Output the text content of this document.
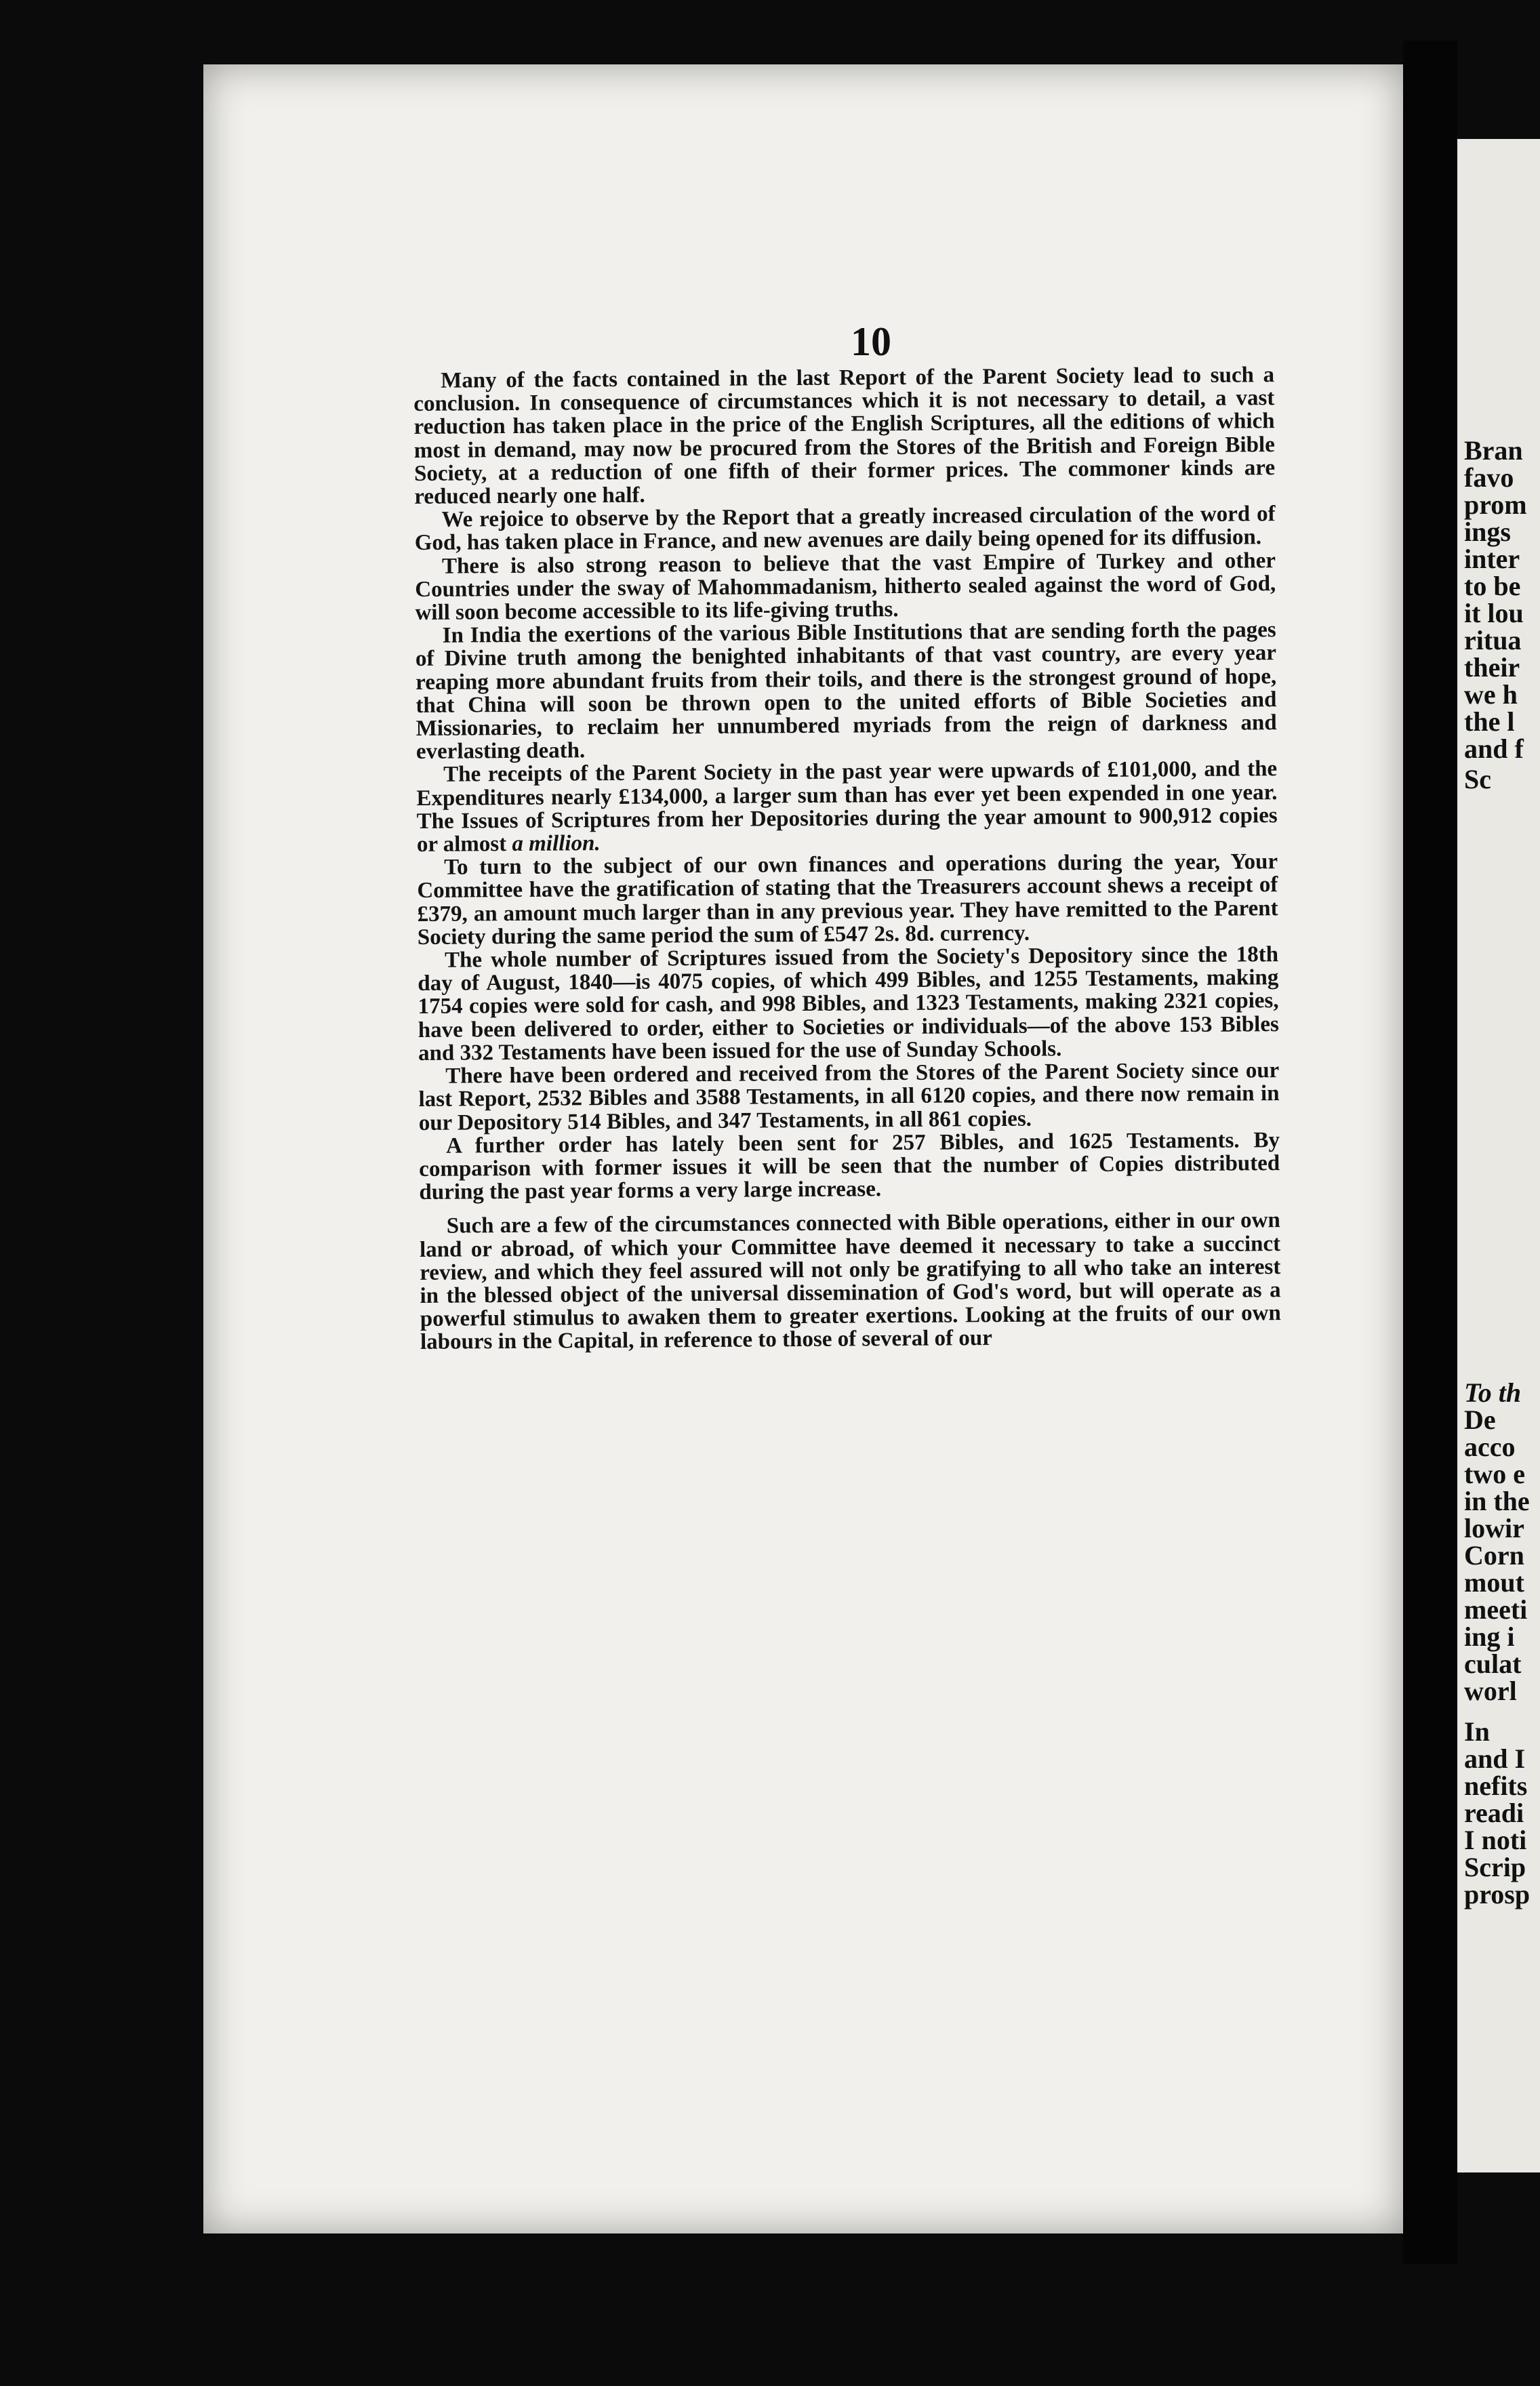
Bran
favo
prom
ings
inter
to be
it lou
ritua
their
we h
the l
and f
Sc
To th
De
acco
two e
in the
lowir
Corn
mout
meeti
ing i
culat
worl
In
and I
nefits
readi
I noti
Scrip
prosp
10

Many of the facts contained in the last Report of the Parent Society lead to such a conclusion. In consequence of circumstances which it is not necessary to detail, a vast reduction has taken place in the price of the English Scriptures, all the editions of which most in demand, may now be procured from the Stores of the British and Foreign Bible Society, at a reduction of one fifth of their former prices. The commoner kinds are reduced nearly one half.

We rejoice to observe by the Report that a greatly increased circulation of the word of God, has taken place in France, and new avenues are daily being opened for its diffusion.

There is also strong reason to believe that the vast Empire of Turkey and other Countries under the sway of Mahommadanism, hitherto sealed against the word of God, will soon become accessible to its life-giving truths.

In India the exertions of the various Bible Institutions that are sending forth the pages of Divine truth among the benighted inhabitants of that vast country, are every year reaping more abundant fruits from their toils, and there is the strongest ground of hope, that China will soon be thrown open to the united efforts of Bible Societies and Missionaries, to reclaim her unnumbered myriads from the reign of darkness and everlasting death.

The receipts of the Parent Society in the past year were upwards of £101,000, and the Expenditures nearly £134,000, a larger sum than has ever yet been expended in one year. The Issues of Scriptures from her Depositories during the year amount to 900,912 copies or almost a million.

To turn to the subject of our own finances and operations during the year, Your Committee have the gratification of stating that the Treasurers account shews a receipt of £379, an amount much larger than in any previous year. They have remitted to the Parent Society during the same period the sum of £547 2s. 8d. currency.

The whole number of Scriptures issued from the Society's Depository since the 18th day of August, 1840—is 4075 copies, of which 499 Bibles, and 1255 Testaments, making 1754 copies were sold for cash, and 998 Bibles, and 1323 Testaments, making 2321 copies, have been delivered to order, either to Societies or individuals—of the above 153 Bibles and 332 Testaments have been issued for the use of Sunday Schools.

There have been ordered and received from the Stores of the Parent Society since our last Report, 2532 Bibles and 3588 Testaments, in all 6120 copies, and there now remain in our Depository 514 Bibles, and 347 Testaments, in all 861 copies.

A further order has lately been sent for 257 Bibles, and 1625 Testaments. By comparison with former issues it will be seen that the number of Copies distributed during the past year forms a very large increase.

Such are a few of the circumstances connected with Bible operations, either in our own land or abroad, of which your Committee have deemed it necessary to take a succinct review, and which they feel assured will not only be gratifying to all who take an interest in the blessed object of the universal dissemination of God's word, but will operate as a powerful stimulus to awaken them to greater exertions. Looking at the fruits of our own labours in the Capital, in reference to those of several of our
